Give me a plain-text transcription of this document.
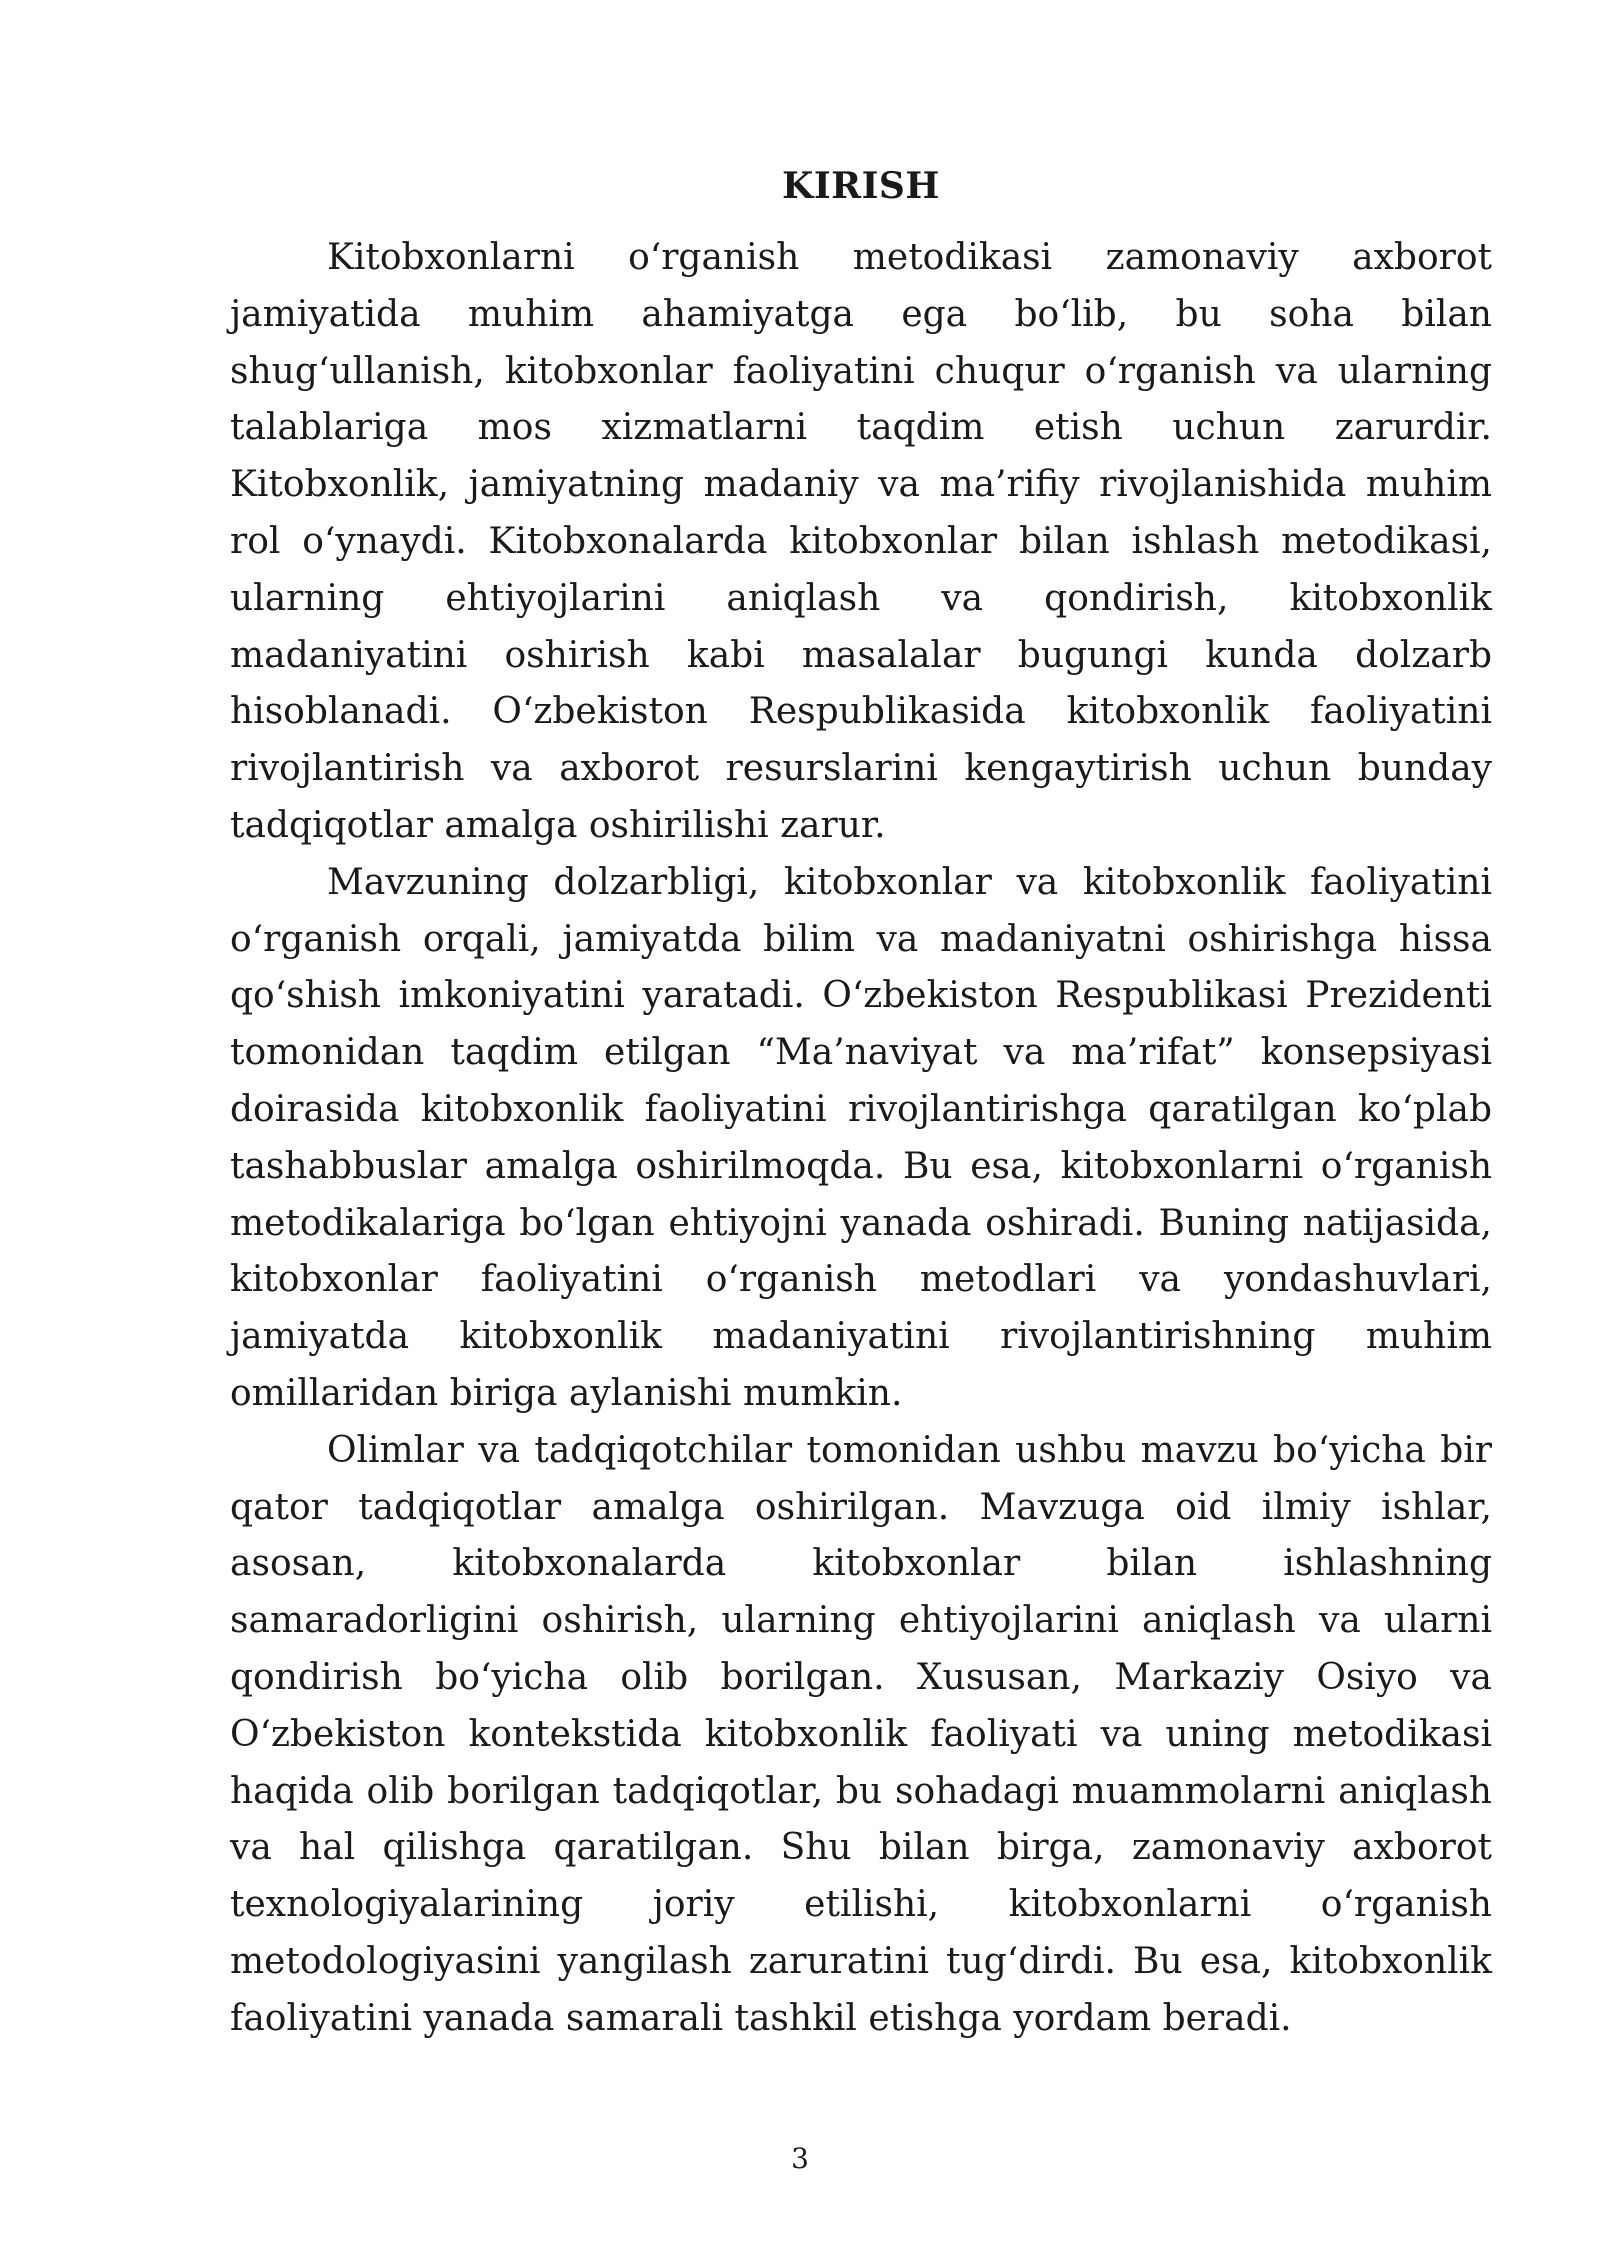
KIRISH

Kitobxonlarni o‘rganish metodikasi zamonaviy axborot jamiyatida muhim ahamiyatga ega bo‘lib, bu soha bilan shug‘ullanish, kitobxonlar faoliyatini chuqur o‘rganish va ularning talablariga mos xizmatlarni taqdim etish uchun zarurdir. Kitobxonlik, jamiyatning madaniy va ma’rifiy rivojlanishida muhim rol o‘ynaydi. Kitobxonalarda kitobxonlar bilan ishlash metodikasi, ularning ehtiyojlarini aniqlash va qondirish, kitobxonlik madaniyatini oshirish kabi masalalar bugungi kunda dolzarb hisoblanadi. O‘zbekiston Respublikasida kitobxonlik faoliyatini rivojlantirish va axborot resurslarini kengaytirish uchun bunday tadqiqotlar amalga oshirilishi zarur.

Mavzuning dolzarbligi, kitobxonlar va kitobxonlik faoliyatini o‘rganish orqali, jamiyatda bilim va madaniyatni oshirishga hissa qo‘shish imkoniyatini yaratadi. O‘zbekiston Respublikasi Prezidenti tomonidan taqdim etilgan “Ma’naviyat va ma’rifat” konsepsiyasi doirasida kitobxonlik faoliyatini rivojlantirishga qaratilgan ko‘plab tashabbuslar amalga oshirilmoqda. Bu esa, kitobxonlarni o‘rganish metodikalariga bo‘lgan ehtiyojni yanada oshiradi. Buning natijasida, kitobxonlar faoliyatini o‘rganish metodlari va yondashuvlari, jamiyatda kitobxonlik madaniyatini rivojlantirishning muhim omillaridan biriga aylanishi mumkin.

Olimlar va tadqiqotchilar tomonidan ushbu mavzu bo‘yicha bir qator tadqiqotlar amalga oshirilgan. Mavzuga oid ilmiy ishlar, asosan, kitobxonalarda kitobxonlar bilan ishlashning samaradorligini oshirish, ularning ehtiyojlarini aniqlash va ularni qondirish bo‘yicha olib borilgan. Xususan, Markaziy Osiyo va O‘zbekiston kontekstida kitobxonlik faoliyati va uning metodikasi haqida olib borilgan tadqiqotlar, bu sohadagi muammolarni aniqlash va hal qilishga qaratilgan. Shu bilan birga, zamonaviy axborot texnologiyalarining joriy etilishi, kitobxonlarni o‘rganish metodologiyasini yangilash zaruratini tug‘dirdi. Bu esa, kitobxonlik faoliyatini yanada samarali tashkil etishga yordam beradi.

3
